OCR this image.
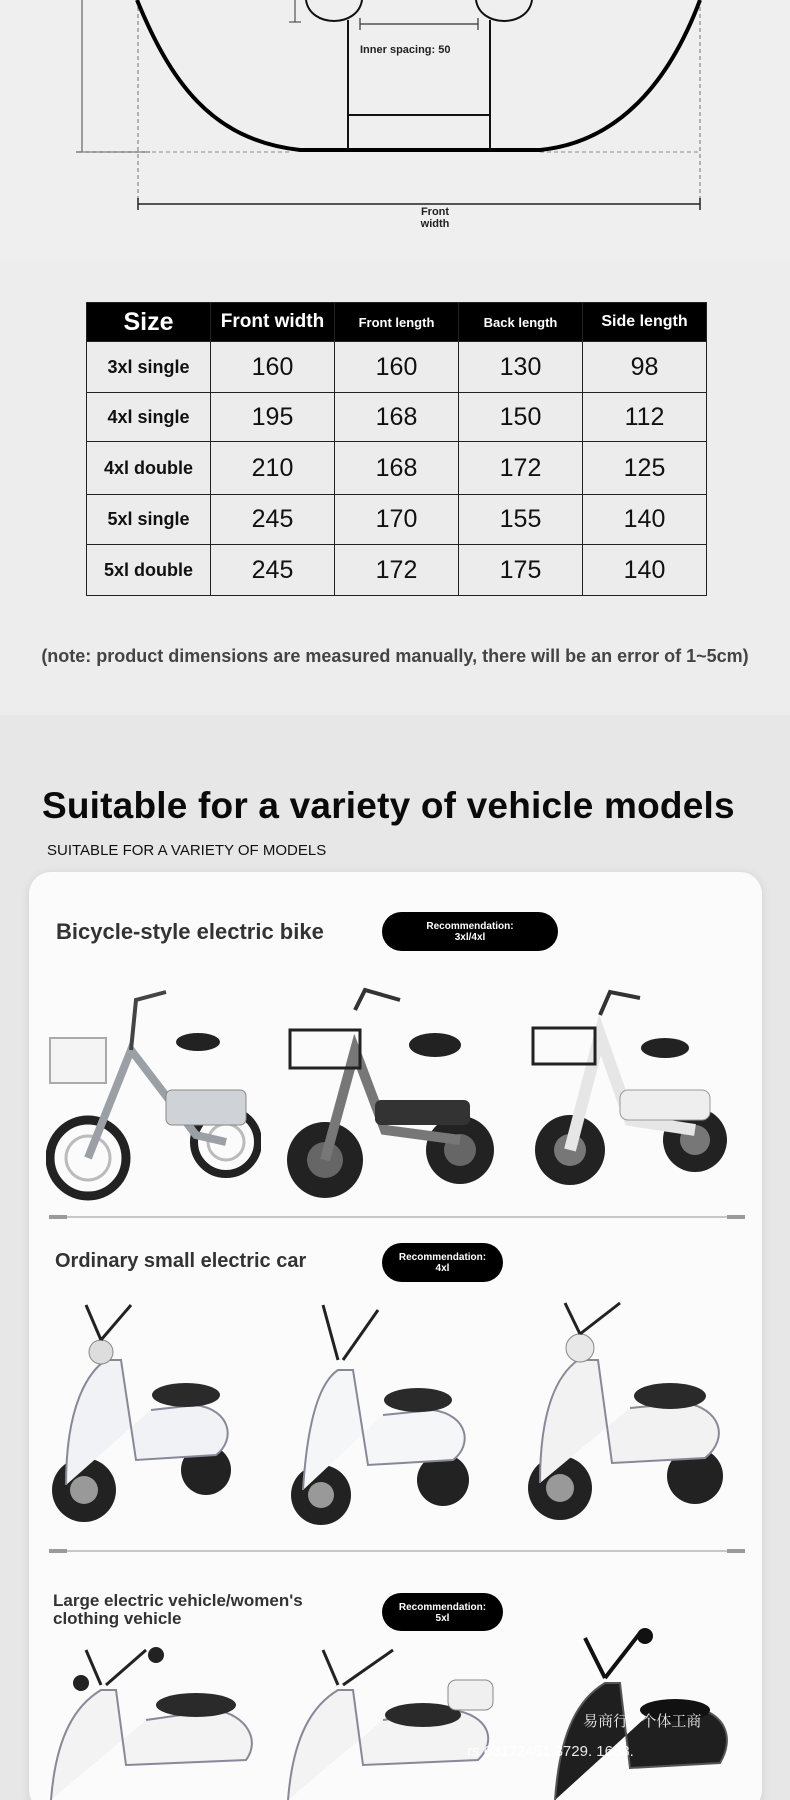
Inner spacing: 50
Front
width
Size	Front width	Front length	Back length	Side length
3xl single	160	160	130	98
4xl single	195	168	150	112
4xl double	210	168	172	125
5xl single	245	170	155	140
5xl double	245	172	175	140
(note: product dimensions are measured manually, there will be an error of 1~5cm)
Suitable for a variety of vehicle models
SUITABLE FOR A VARIETY OF MODELS
Bicycle-style electric bike	Recommendation:
3xl/4xl
Ordinary small electric car	Recommendation:
4xl
Large electric vehicle/women's clothing vehicle
Recommendation:
5xl
易商行 · 个体工商
rs 68172451 3729. 1688.
